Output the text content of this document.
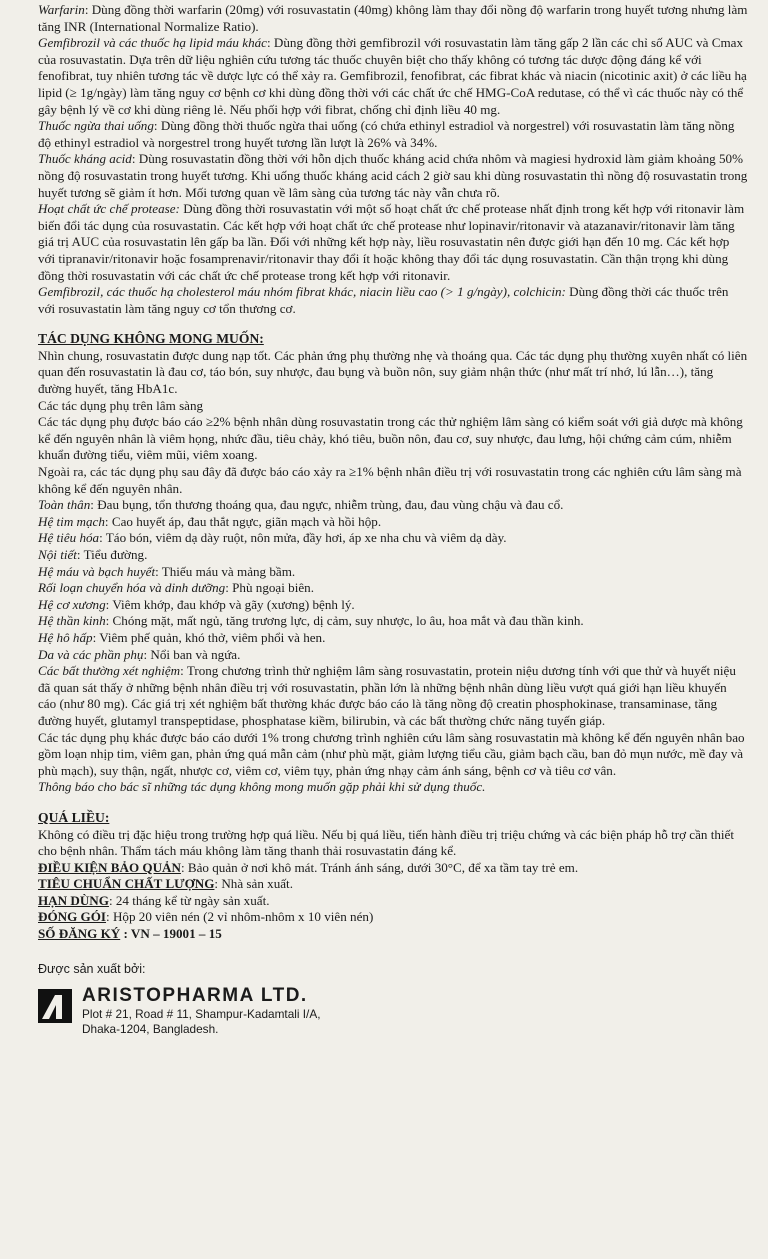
Warfarin: Dùng đồng thời warfarin (20mg) với rosuvastatin (40mg) không làm thay đổi nồng độ warfarin trong huyết tương nhưng làm tăng INR (International Normalize Ratio).

Gemfibrozil và các thuốc hạ lipid máu khác: Dùng đồng thời gemfibrozil với rosuvastatin làm tăng gấp 2 lần các chỉ số AUC và Cmax của rosuvastatin. Dựa trên dữ liệu nghiên cứu tương tác thuốc chuyên biệt cho thấy không có tương tác dược động đáng kể với fenofibrat, tuy nhiên tương tác về dược lực có thể xảy ra. Gemfibrozil, fenofibrat, các fibrat khác và niacin (nicotinic axit) ở các liều hạ lipid (≥ 1g/ngày) làm tăng nguy cơ bệnh cơ khi dùng đồng thời với các chất ức chế HMG-CoA redutase, có thể vì các thuốc này có thể gây bệnh lý về cơ khi dùng riêng lẻ. Nếu phối hợp với fibrat, chống chỉ định liều 40 mg.

Thuốc ngừa thai uống: Dùng đồng thời thuốc ngừa thai uống (có chứa ethinyl estradiol và norgestrel) với rosuvastatin làm tăng nồng độ ethinyl estradiol và norgestrel trong huyết tương lần lượt là 26% và 34%.

Thuốc kháng acid: Dùng rosuvastatin đồng thời với hỗn dịch thuốc kháng acid chứa nhôm và magiesi hydroxid làm giảm khoảng 50% nồng độ rosuvastatin trong huyết tương. Khi uống thuốc kháng acid cách 2 giờ sau khi dùng rosuvastatin thì nồng độ rosuvastatin trong huyết tương sẽ giảm ít hơn. Mối tương quan về lâm sàng của tương tác này vẫn chưa rõ.

Hoạt chất ức chế protease: Dùng đồng thời rosuvastatin với một số hoạt chất ức chế protease nhất định trong kết hợp với ritonavir làm biến đổi tác dụng của rosuvastatin. Các kết hợp với hoạt chất ức chế protease như lopinavir/ritonavir và atazanavir/ritonavir làm tăng giá trị AUC của rosuvastatin lên gấp ba lần. Đối với những kết hợp này, liều rosuvastatin nên được giới hạn đến 10 mg. Các kết hợp với tipranavir/ritonavir hoặc fosamprenavir/ritonavir thay đổi ít hoặc không thay đổi tác dụng rosuvastatin. Cần thận trọng khi dùng đồng thời rosuvastatin với các chất ức chế protease trong kết hợp với ritonavir.

Gemfibrozil, các thuốc hạ cholesterol máu nhóm fibrat khác, niacin liều cao (> 1 g/ngày), colchicin: Dùng đồng thời các thuốc trên với rosuvastatin làm tăng nguy cơ tổn thương cơ.

TÁC DỤNG KHÔNG MONG MUỐN:

Nhìn chung, rosuvastatin được dung nạp tốt. Các phản ứng phụ thường nhẹ và thoáng qua. Các tác dụng phụ thường xuyên nhất có liên quan đến rosuvastatin là đau cơ, táo bón, suy nhược, đau bụng và buồn nôn, suy giảm nhận thức (như mất trí nhớ, lú lẫn…), tăng đường huyết, tăng HbA1c.

Các tác dụng phụ trên lâm sàng

Các tác dụng phụ được báo cáo ≥2% bệnh nhân dùng rosuvastatin trong các thử nghiệm lâm sàng có kiểm soát với giả dược mà không kể đến nguyên nhân là viêm họng, nhức đầu, tiêu chảy, khó tiêu, buồn nôn, đau cơ, suy nhược, đau lưng, hội chứng cảm cúm, nhiễm khuẩn đường tiểu, viêm mũi, viêm xoang.

Ngoài ra, các tác dụng phụ sau đây đã được báo cáo xảy ra ≥1% bệnh nhân điều trị với rosuvastatin trong các nghiên cứu lâm sàng mà không kể đến nguyên nhân.

Toàn thân: Đau bụng, tổn thương thoáng qua, đau ngực, nhiễm trùng, đau, đau vùng chậu và đau cổ.

Hệ tim mạch: Cao huyết áp, đau thắt ngực, giãn mạch và hồi hộp.

Hệ tiêu hóa: Táo bón, viêm dạ dày ruột, nôn mửa, đầy hơi, áp xe nha chu và viêm dạ dày.

Nội tiết: Tiểu đường.

Hệ máu và bạch huyết: Thiếu máu và mảng bầm.

Rối loạn chuyển hóa và dinh dưỡng: Phù ngoại biên.

Hệ cơ xương: Viêm khớp, đau khớp và gãy (xương) bệnh lý.

Hệ thần kinh: Chóng mặt, mất ngủ, tăng trương lực, dị cảm, suy nhược, lo âu, hoa mắt và đau thần kinh.

Hệ hô hấp: Viêm phế quản, khó thở, viêm phổi và hen.

Da và các phần phụ: Nổi ban và ngứa.

Các bất thường xét nghiệm: Trong chương trình thử nghiệm lâm sàng rosuvastatin, protein niệu dương tính với que thử và huyết niệu đã quan sát thấy ở những bệnh nhân điều trị với rosuvastatin, phần lớn là những bệnh nhân dùng liều vượt quá giới hạn liều khuyến cáo (như 80 mg). Các giá trị xét nghiệm bất thường khác được báo cáo là tăng nồng độ creatin phosphokinase, transaminase, tăng đường huyết, glutamyl transpeptidase, phosphatase kiềm, bilirubin, và các bất thường chức năng tuyến giáp.

Các tác dụng phụ khác được báo cáo dưới 1% trong chương trình nghiên cứu lâm sàng rosuvastatin mà không kể đến nguyên nhân bao gồm loạn nhịp tim, viêm gan, phản ứng quá mẫn cảm (như phù mặt, giảm lượng tiểu cầu, giảm bạch cầu, ban đỏ mụn nước, mề đay và phù mạch), suy thận, ngất, nhược cơ, viêm cơ, viêm tụy, phản ứng nhạy cảm ánh sáng, bệnh cơ và tiêu cơ vân.

Thông báo cho bác sĩ những tác dụng không mong muốn gặp phải khi sử dụng thuốc.

QUÁ LIỀU:

Không có điều trị đặc hiệu trong trường hợp quá liều. Nếu bị quá liều, tiến hành điều trị triệu chứng và các biện pháp hỗ trợ cần thiết cho bệnh nhân. Thẩm tách máu không làm tăng thanh thải rosuvastatin đáng kể.

ĐIỀU KIỆN BẢO QUẢN: Bảo quản ở nơi khô mát. Tránh ánh sáng, dưới 30°C, để xa tầm tay trẻ em.

TIÊU CHUẨN CHẤT LƯỢNG: Nhà sản xuất.

HẠN DÙNG: 24 tháng kể từ ngày sản xuất.

ĐÓNG GÓI: Hộp 20 viên nén (2 vỉ nhôm-nhôm x 10 viên nén)

SỐ ĐĂNG KÝ : VN – 19001 – 15

Được sản xuất bởi:

ARISTOPHARMA LTD.
Plot # 21, Road # 11, Shampur-Kadamtali I/A,
Dhaka-1204, Bangladesh.
